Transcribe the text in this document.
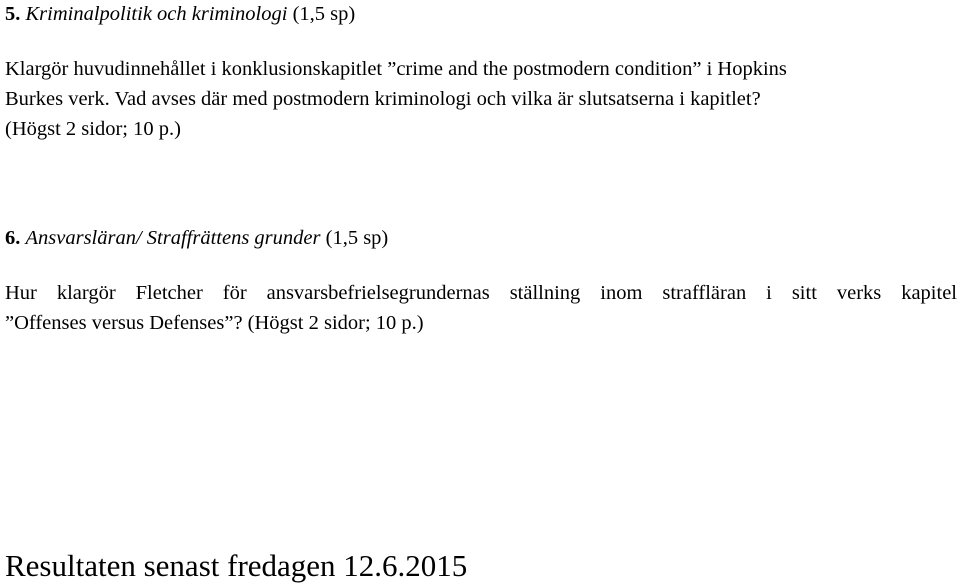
5. Kriminalpolitik och kriminologi (1,5 sp)
Klargör huvudinnehållet i konklusionskapitlet ”crime and the postmodern condition” i Hopkins
Burkes verk. Vad avses där med postmodern kriminologi och vilka är slutsatserna i kapitlet?
(Högst 2 sidor; 10 p.)
6. Ansvarsläran/ Straffrättens grunder (1,5 sp)
Hur klargör Fletcher för ansvarsbefrielsegrundernas ställning inom straffläran i sitt verks kapitel
”Offenses versus Defenses”? (Högst 2 sidor; 10 p.)
Resultaten senast fredagen 12.6.2015
